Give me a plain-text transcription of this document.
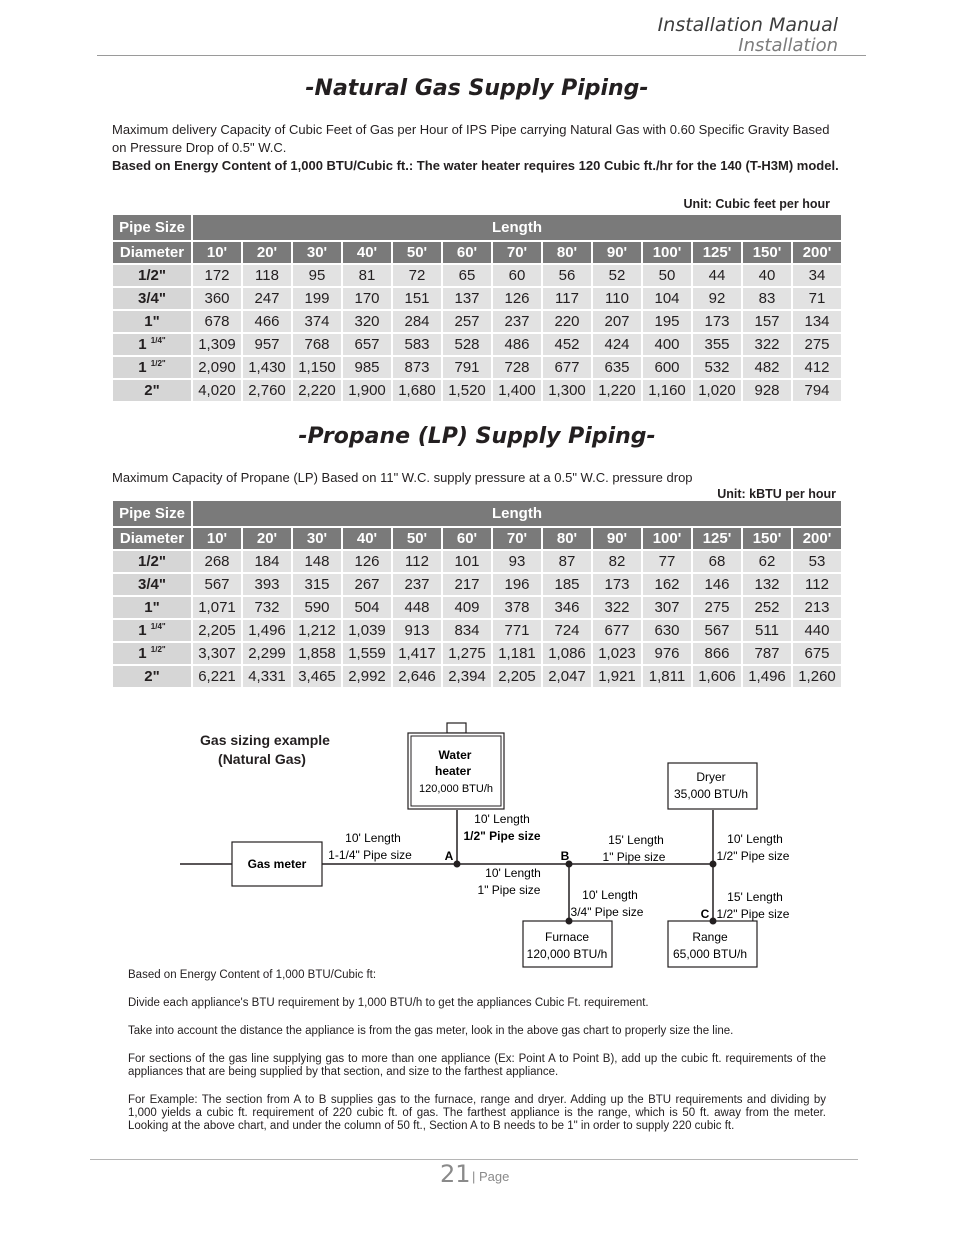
Installation Manual
Installation
-Natural Gas Supply Piping-
Maximum delivery Capacity of Cubic Feet of Gas per Hour of IPS Pipe carrying Natural Gas with 0.60 Specific Gravity Based on Pressure Drop of 0.5" W.C.
Based on Energy Content of 1,000 BTU/Cubic ft.: The water heater requires 120 Cubic ft./hr for the 140 (T-H3M) model.
Unit: Cubic feet per hour
Pipe Size	Length												
Diameter	10'	20'	30'	40'	50'	60'	70'	80'	90'	100'	125'	150'	200'
1/2"	172	118	95	81	72	65	60	56	52	50	44	40	34
3/4"	360	247	199	170	151	137	126	117	110	104	92	83	71
1"	678	466	374	320	284	257	237	220	207	195	173	157	134
1 $^{1/4"}$	1,309	957	768	657	583	528	486	452	424	400	355	322	275
1 $^{1/2"}$	2,090	1,430	1,150	985	873	791	728	677	635	600	532	482	412
2"	4,020	2,760	2,220	1,900	1,680	1,520	1,400	1,300	1,220	1,160	1,020	928	794
-Propane (LP) Supply Piping-
Maximum Capacity of Propane (LP) Based on 11" W.C. supply pressure at a 0.5" W.C. pressure drop
Unit: kBTU per hour
Pipe Size	Length												
Diameter	10'	20'	30'	40'	50'	60'	70'	80'	90'	100'	125'	150'	200'
1/2"	268	184	148	126	112	101	93	87	82	77	68	62	53
3/4"	567	393	315	267	237	217	196	185	173	162	146	132	112
1"	1,071	732	590	504	448	409	378	346	322	307	275	252	213
1 $^{1/4"}$	2,205	1,496	1,212	1,039	913	834	771	724	677	630	567	511	440
1 $^{1/2"}$	3,307	2,299	1,858	1,559	1,417	1,275	1,181	1,086	1,023	976	866	787	675
2"	6,221	4,331	3,465	2,992	2,646	2,394	2,205	2,047	1,921	1,811	1,606	1,496	1,260
Gas sizing example
(Natural Gas)
Gas meter
Water
heater
120,000 BTU/h
Dryer
35,000 BTU/h
Furnace
120,000 BTU/h
Range
65,000 BTU/h
A	B
C
10' Length
1-1/4" Pipe size
10' Length
1/2" Pipe size
10' Length
1" Pipe size
15' Length
1" Pipe size
10' Length
1/2" Pipe size
10' Length
3/4" Pipe size
15' Length
1/2" Pipe size

Based on Energy Content of 1,000 BTU/Cubic ft:

Divide each appliance's BTU requirement by 1,000 BTU/h to get the appliances Cubic Ft. requirement.

Take into account the distance the appliance is from the gas meter, look in the above gas chart to properly size the line.

For sections of the gas line supplying gas to more than one appliance (Ex: Point A to Point B), add up the cubic ft. requirements of the appliances that are being supplied by that section, and size to the farthest appliance.

For Example: The section from A to B supplies gas to the furnace, range and dryer. Adding up the BTU requirements and dividing by 1,000 yields a cubic ft. requirement of 220 cubic ft. of gas. The farthest appliance is the range, which is 50 ft. away from the meter. Looking at the above chart, and under the column of 50 ft., Section A to B needs to be 1" in order to supply 220 cubic ft.

21 | Page
